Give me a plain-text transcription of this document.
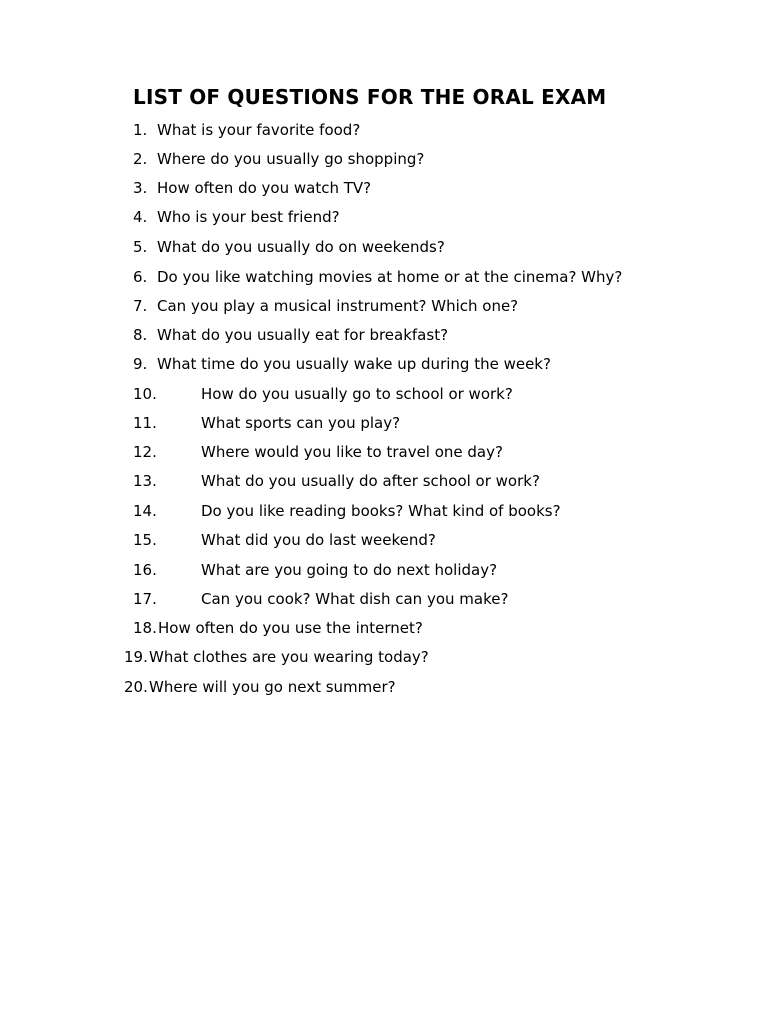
LIST OF QUESTIONS FOR THE ORAL EXAM
1. What is your favorite food?
2. Where do you usually go shopping?
3. How often do you watch TV?
4. Who is your best friend?
5. What do you usually do on weekends?
6. Do you like watching movies at home or at the cinema? Why?
7. Can you play a musical instrument? Which one?
8. What do you usually eat for breakfast?
9. What time do you usually wake up during the week?
10.	How do you usually go to school or work?
11.	What sports can you play?
12.	Where would you like to travel one day?
13.	What do you usually do after school or work?
14.	Do you like reading books? What kind of books?
15.	What did you do last weekend?
16.	What are you going to do next holiday?
17.	Can you cook? What dish can you make?
18. How often do you use the internet?
19. What clothes are you wearing today?
20. Where will you go next summer?
